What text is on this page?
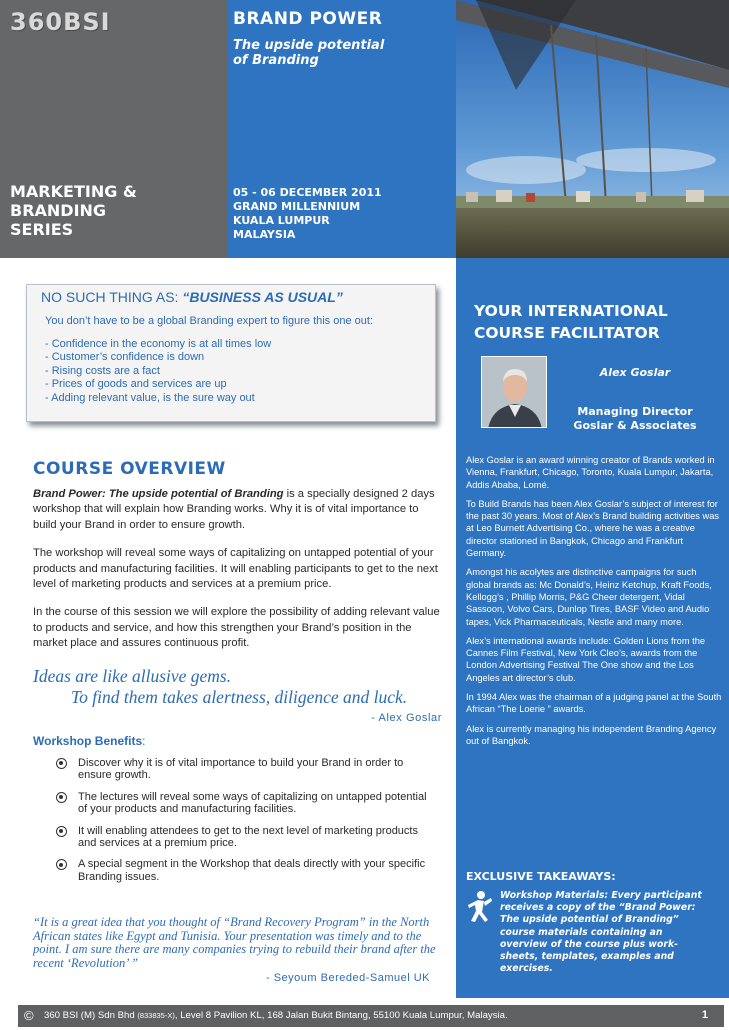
360BSI
MARKETING &
BRANDING
SERIES
BRAND POWER
The upside potential
of Branding
05 - 06 DECEMBER 2011
GRAND MILLENNIUM
KUALA LUMPUR
MALAYSIA
NO SUCH THING AS: “BUSINESS AS USUAL”
You don’t have to be a global Branding expert to figure this one out:
- Confidence in the economy is at all times low
- Customer’s confidence is down
- Rising costs are a fact
- Prices of goods and services are up
- Adding relevant value, is the sure way out
COURSE OVERVIEW

Brand Power: The upside potential of Branding is a specially designed 2 days workshop that will explain how Branding works. Why it is of vital importance to build your Brand in order to ensure growth.

The workshop will reveal some ways of capitalizing on untapped potential of your products and manufacturing facilities. It will enabling participants to get to the next level of marketing products and services at a premium price.

In the course of this session we will explore the possibility of adding relevant value to products and service, and how this strengthen your Brand’s position in the market place and assures continuous profit.

Ideas are like allusive gems.
To find them takes alertness, diligence and luck.
- Alex Goslar
Workshop Benefits:
Discover why it is of vital importance to build your Brand in order to ensure growth.
The lectures will reveal some ways of capitalizing on untapped potential of your products and manufacturing facilities.
It will enabling attendees to get to the next level of marketing products and services at a premium price.
A special segment in the Workshop that deals directly with your specific Branding issues.
“It is a great idea that you thought of “Brand Recovery Program” in the North African states like Egypt and Tunisia. Your presentation was timely and to the point. I am sure there are many companies trying to rebuild their brand after the recent ‘Revolution’ ”
- Seyoum Bereded-Samuel UK
YOUR INTERNATIONAL
COURSE FACILITATOR
Alex Goslar
Managing Director
Goslar & Associates

Alex Goslar is an award winning creator of Brands worked in Vienna, Frankfurt, Chicago, Toronto, Kuala Lumpur, Jakarta, Addis Ababa, Lomé.

To Build Brands has been Alex Goslar’s subject of interest for the past 30 years. Most of Alex’s Brand building activities was at Leo Burnett Advertising Co., where he was a creative director stationed in Bangkok, Chicago and Frankfurt Germany.

Amongst his acolytes are distinctive campaigns for such global brands as: Mc Donald’s, Heinz Ketchup, Kraft Foods, Kellogg’s , Phillip Morris, P&G Cheer detergent, Vidal Sassoon, Volvo Cars, Dunlop Tires, BASF Video and Audio tapes, Vick Pharmaceuticals, Nestle and many more.

Alex’s international awards include: Golden Lions from the Cannes Film Festival, New York Cleo’s, awards from the London Advertising Festival The One show and the Los Angeles art director’s club.

In 1994 Alex was the chairman of a judging panel at the South African “The Loerie ” awards.

Alex is currently managing his independent Branding Agency out of Bangkok.

EXCLUSIVE TAKEAWAYS:
Workshop Materials: Every participant receives a copy of the “Brand Power: The upside potential of Branding” course materials containing an overview of the course plus work-sheets, templates, examples and exercises.
© 360 BSI (M) Sdn Bhd (833835-X), Level 8 Pavilion KL, 168 Jalan Bukit Bintang, 55100 Kuala Lumpur, Malaysia.	1
